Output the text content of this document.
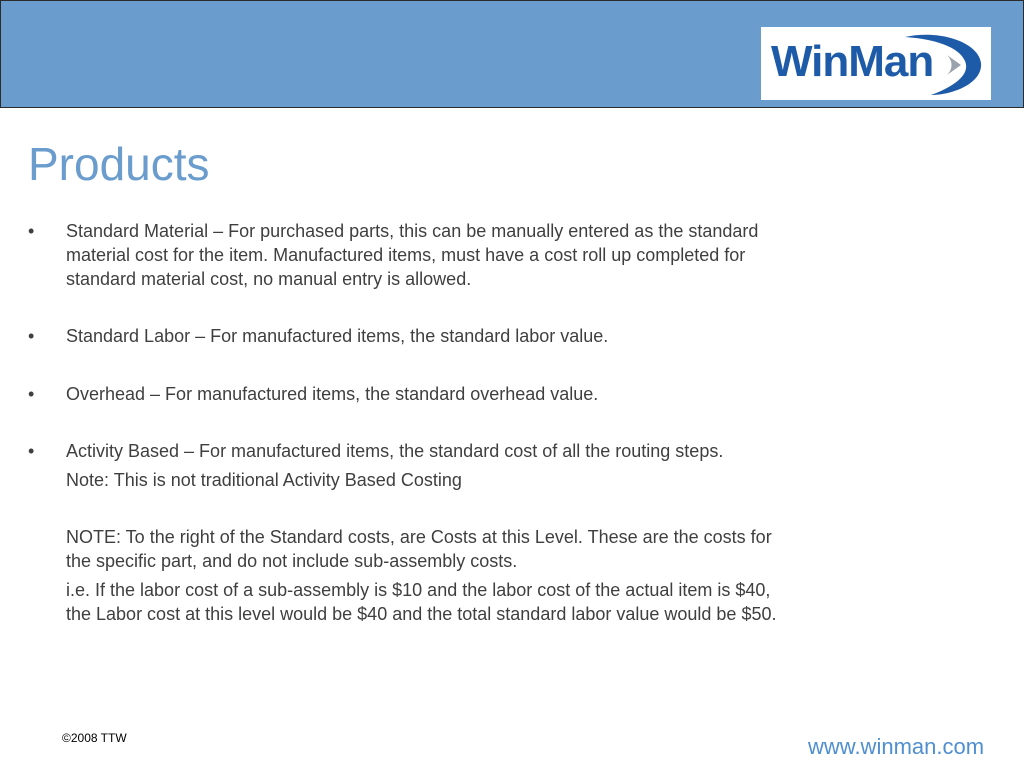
WinMan
Products
• Standard Material – For purchased parts, this can be manually entered as the standard material cost for the item. Manufactured items, must have a cost roll up completed for standard material cost, no manual entry is allowed.

• Standard Labor – For manufactured items, the standard labor value.

• Overhead – For manufactured items, the standard overhead value.

• Activity Based – For manufactured items, the standard cost of all the routing steps.

Note: This is not traditional Activity Based Costing

NOTE: To the right of the Standard costs, are Costs at this Level. These are the costs for the specific part, and do not include sub-assembly costs.

i.e. If the labor cost of a sub-assembly is $10 and the labor cost of the actual item is $40, the Labor cost at this level would be $40 and the total standard labor value would be $50.

©2008 TTW	www.winman.com
